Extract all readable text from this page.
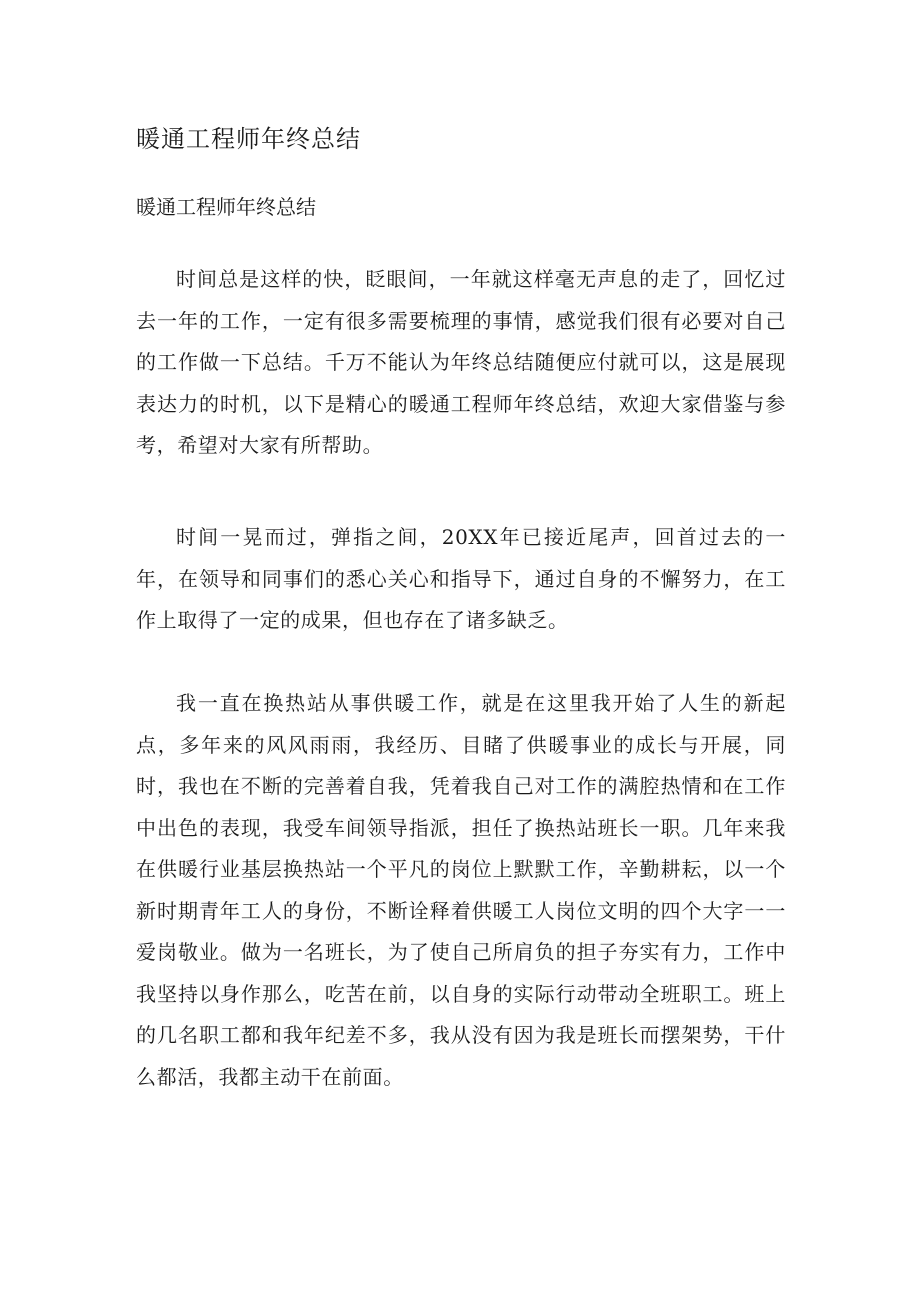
暖通工程师年终总结
暖通工程师年终总结

时间总是这样的快，眨眼间，一年就这样毫无声息的走了，回忆过去一年的工作，一定有很多需要梳理的事情，感觉我们很有必要对自己的工作做一下总结。千万不能认为年终总结随便应付就可以，这是展现表达力的时机，以下是精心的暖通工程师年终总结，欢迎大家借鉴与参考，希望对大家有所帮助。

时间一晃而过，弹指之间，20XX年已接近尾声，回首过去的一年，在领导和同事们的悉心关心和指导下，通过自身的不懈努力，在工作上取得了一定的成果，但也存在了诸多缺乏。

我一直在换热站从事供暖工作，就是在这里我开始了人生的新起点，多年来的风风雨雨，我经历、目睹了供暖事业的成长与开展，同时，我也在不断的完善着自我，凭着我自己对工作的满腔热情和在工作中出色的表现，我受车间领导指派，担任了换热站班长一职。几年来我在供暖行业基层换热站一个平凡的岗位上默默工作，辛勤耕耘，以一个新时期青年工人的身份，不断诠释着供暖工人岗位文明的四个大字一一爱岗敬业。做为一名班长，为了使自己所肩负的担子夯实有力，工作中我坚持以身作那么，吃苦在前，以自身的实际行动带动全班职工。班上的几名职工都和我年纪差不多，我从没有因为我是班长而摆架势，干什么都活，我都主动干在前面。
